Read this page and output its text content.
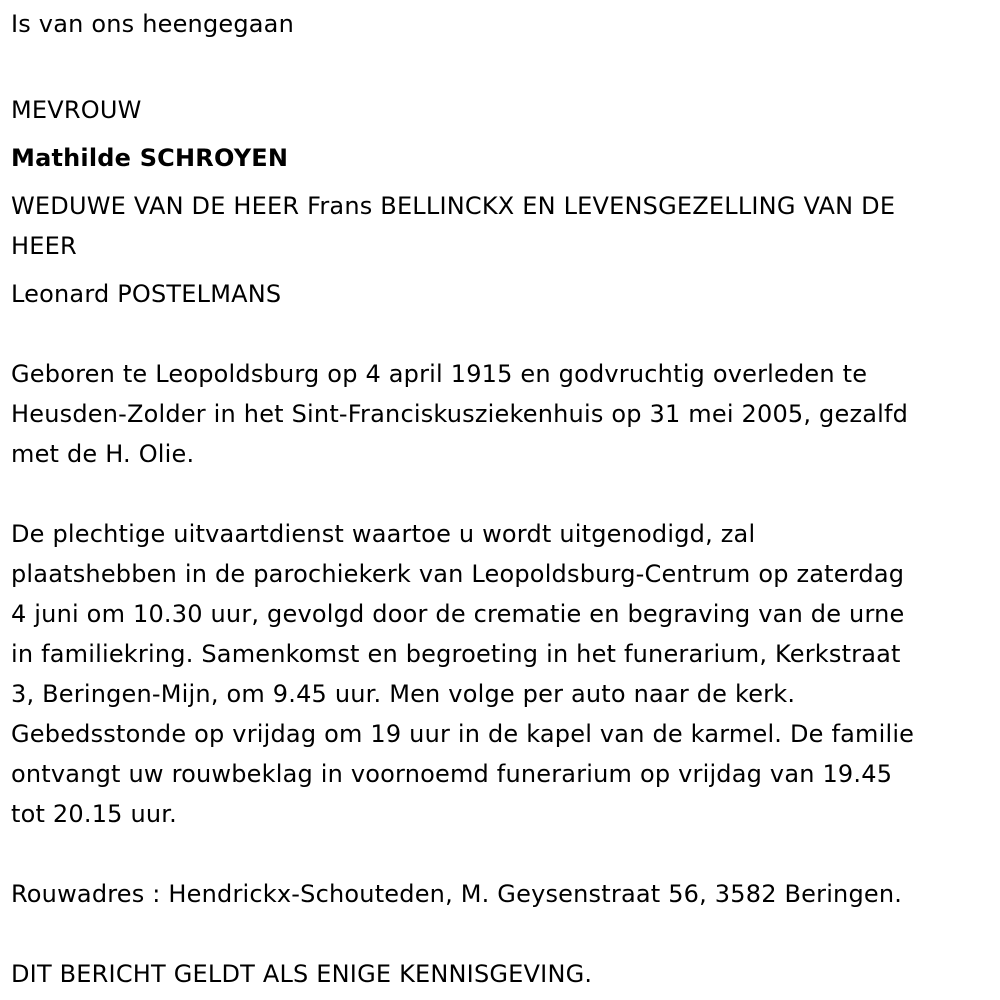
Is van ons heengegaan

MEVROUW

Mathilde SCHROYEN

WEDUWE VAN DE HEER Frans BELLINCKX EN LEVENSGEZELLING VAN DE

HEER

Leonard POSTELMANS

Geboren te Leopoldsburg op 4 april 1915 en godvruchtig overleden te

Heusden-Zolder in het Sint-Franciskusziekenhuis op 31 mei 2005, gezalfd

met de H. Olie.

De plechtige uitvaartdienst waartoe u wordt uitgenodigd, zal

plaatshebben in de parochiekerk van Leopoldsburg-Centrum op zaterdag

4 juni om 10.30 uur, gevolgd door de crematie en begraving van de urne

in familiekring. Samenkomst en begroeting in het funerarium, Kerkstraat

3, Beringen-Mijn, om 9.45 uur. Men volge per auto naar de kerk.

Gebedsstonde op vrijdag om 19 uur in de kapel van de karmel. De familie

ontvangt uw rouwbeklag in voornoemd funerarium op vrijdag van 19.45

tot 20.15 uur.

Rouwadres : Hendrickx-Schouteden, M. Geysenstraat 56, 3582 Beringen.

DIT BERICHT GELDT ALS ENIGE KENNISGEVING.
